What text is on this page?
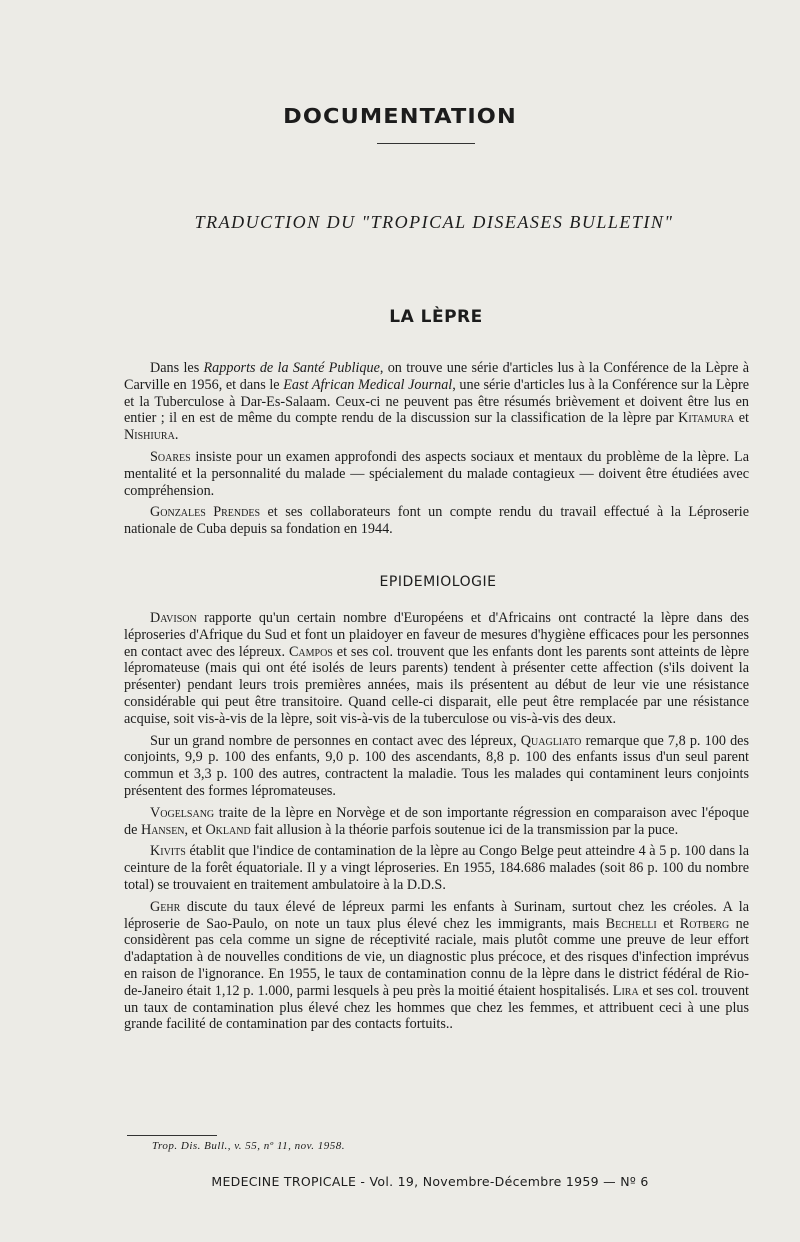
DOCUMENTATION
TRADUCTION DU "TROPICAL DISEASES BULLETIN"
LA LÈPRE

Dans les Rapports de la Santé Publique, on trouve une série d'articles lus à la Conférence de la Lèpre à Carville en 1956, et dans le East African Medical Journal, une série d'articles lus à la Conférence sur la Lèpre et la Tuberculose à Dar-Es-Salaam. Ceux-ci ne peuvent pas être résumés brièvement et doivent être lus en entier ; il en est de même du compte rendu de la discussion sur la classification de la lèpre par Kitamura et Nishiura.

Soares insiste pour un examen approfondi des aspects sociaux et mentaux du problème de la lèpre. La mentalité et la personnalité du malade — spécialement du malade contagieux — doivent être étudiées avec compréhension.

Gonzales Prendes et ses collaborateurs font un compte rendu du travail effectué à la Léproserie nationale de Cuba depuis sa fondation en 1944.

EPIDEMIOLOGIE

Davison rapporte qu'un certain nombre d'Européens et d'Africains ont contracté la lèpre dans des léproseries d'Afrique du Sud et font un plaidoyer en faveur de mesures d'hygiène efficaces pour les personnes en contact avec des lépreux. Campos et ses col. trouvent que les enfants dont les parents sont atteints de lèpre lépromateuse (mais qui ont été isolés de leurs parents) tendent à présenter cette affection (s'ils doivent la présenter) pendant leurs trois premières années, mais ils présentent au début de leur vie une résistance considérable qui peut être transitoire. Quand celle-ci disparait, elle peut être remplacée par une résistance acquise, soit vis-à-vis de la lèpre, soit vis-à-vis de la tuberculose ou vis-à-vis des deux.

Sur un grand nombre de personnes en contact avec des lépreux, Quagliato remarque que 7,8 p. 100 des conjoints, 9,9 p. 100 des enfants, 9,0 p. 100 des ascendants, 8,8 p. 100 des enfants issus d'un seul parent commun et 3,3 p. 100 des autres, contractent la maladie. Tous les malades qui contaminent leurs conjoints présentent des formes lépromateuses.

Vogelsang traite de la lèpre en Norvège et de son importante régression en comparaison avec l'époque de Hansen, et Okland fait allusion à la théorie parfois soutenue ici de la transmission par la puce.

Kivits établit que l'indice de contamination de la lèpre au Congo Belge peut atteindre 4 à 5 p. 100 dans la ceinture de la forêt équatoriale. Il y a vingt léproseries. En 1955, 184.686 malades (soit 86 p. 100 du nombre total) se trouvaient en traitement ambulatoire à la D.D.S.

Gehr discute du taux élevé de lépreux parmi les enfants à Surinam, surtout chez les créoles. A la léproserie de Sao-Paulo, on note un taux plus élevé chez les immigrants, mais Bechelli et Rotberg ne considèrent pas cela comme un signe de réceptivité raciale, mais plutôt comme une preuve de leur effort d'adaptation à de nouvelles conditions de vie, un diagnostic plus précoce, et des risques d'infection imprévus en raison de l'ignorance. En 1955, le taux de contamination connu de la lèpre dans le district fédéral de Rio-de-Janeiro était 1,12 p. 1.000, parmi lesquels à peu près la moitié étaient hospitalisés. Lira et ses col. trouvent un taux de contamination plus élevé chez les hommes que chez les femmes, et attribuent ceci à une plus grande facilité de contamination par des contacts fortuits..

Trop. Dis. Bull., v. 55, nº 11, nov. 1958.
MEDECINE TROPICALE - Vol. 19, Novembre-Décembre 1959 — Nº 6
